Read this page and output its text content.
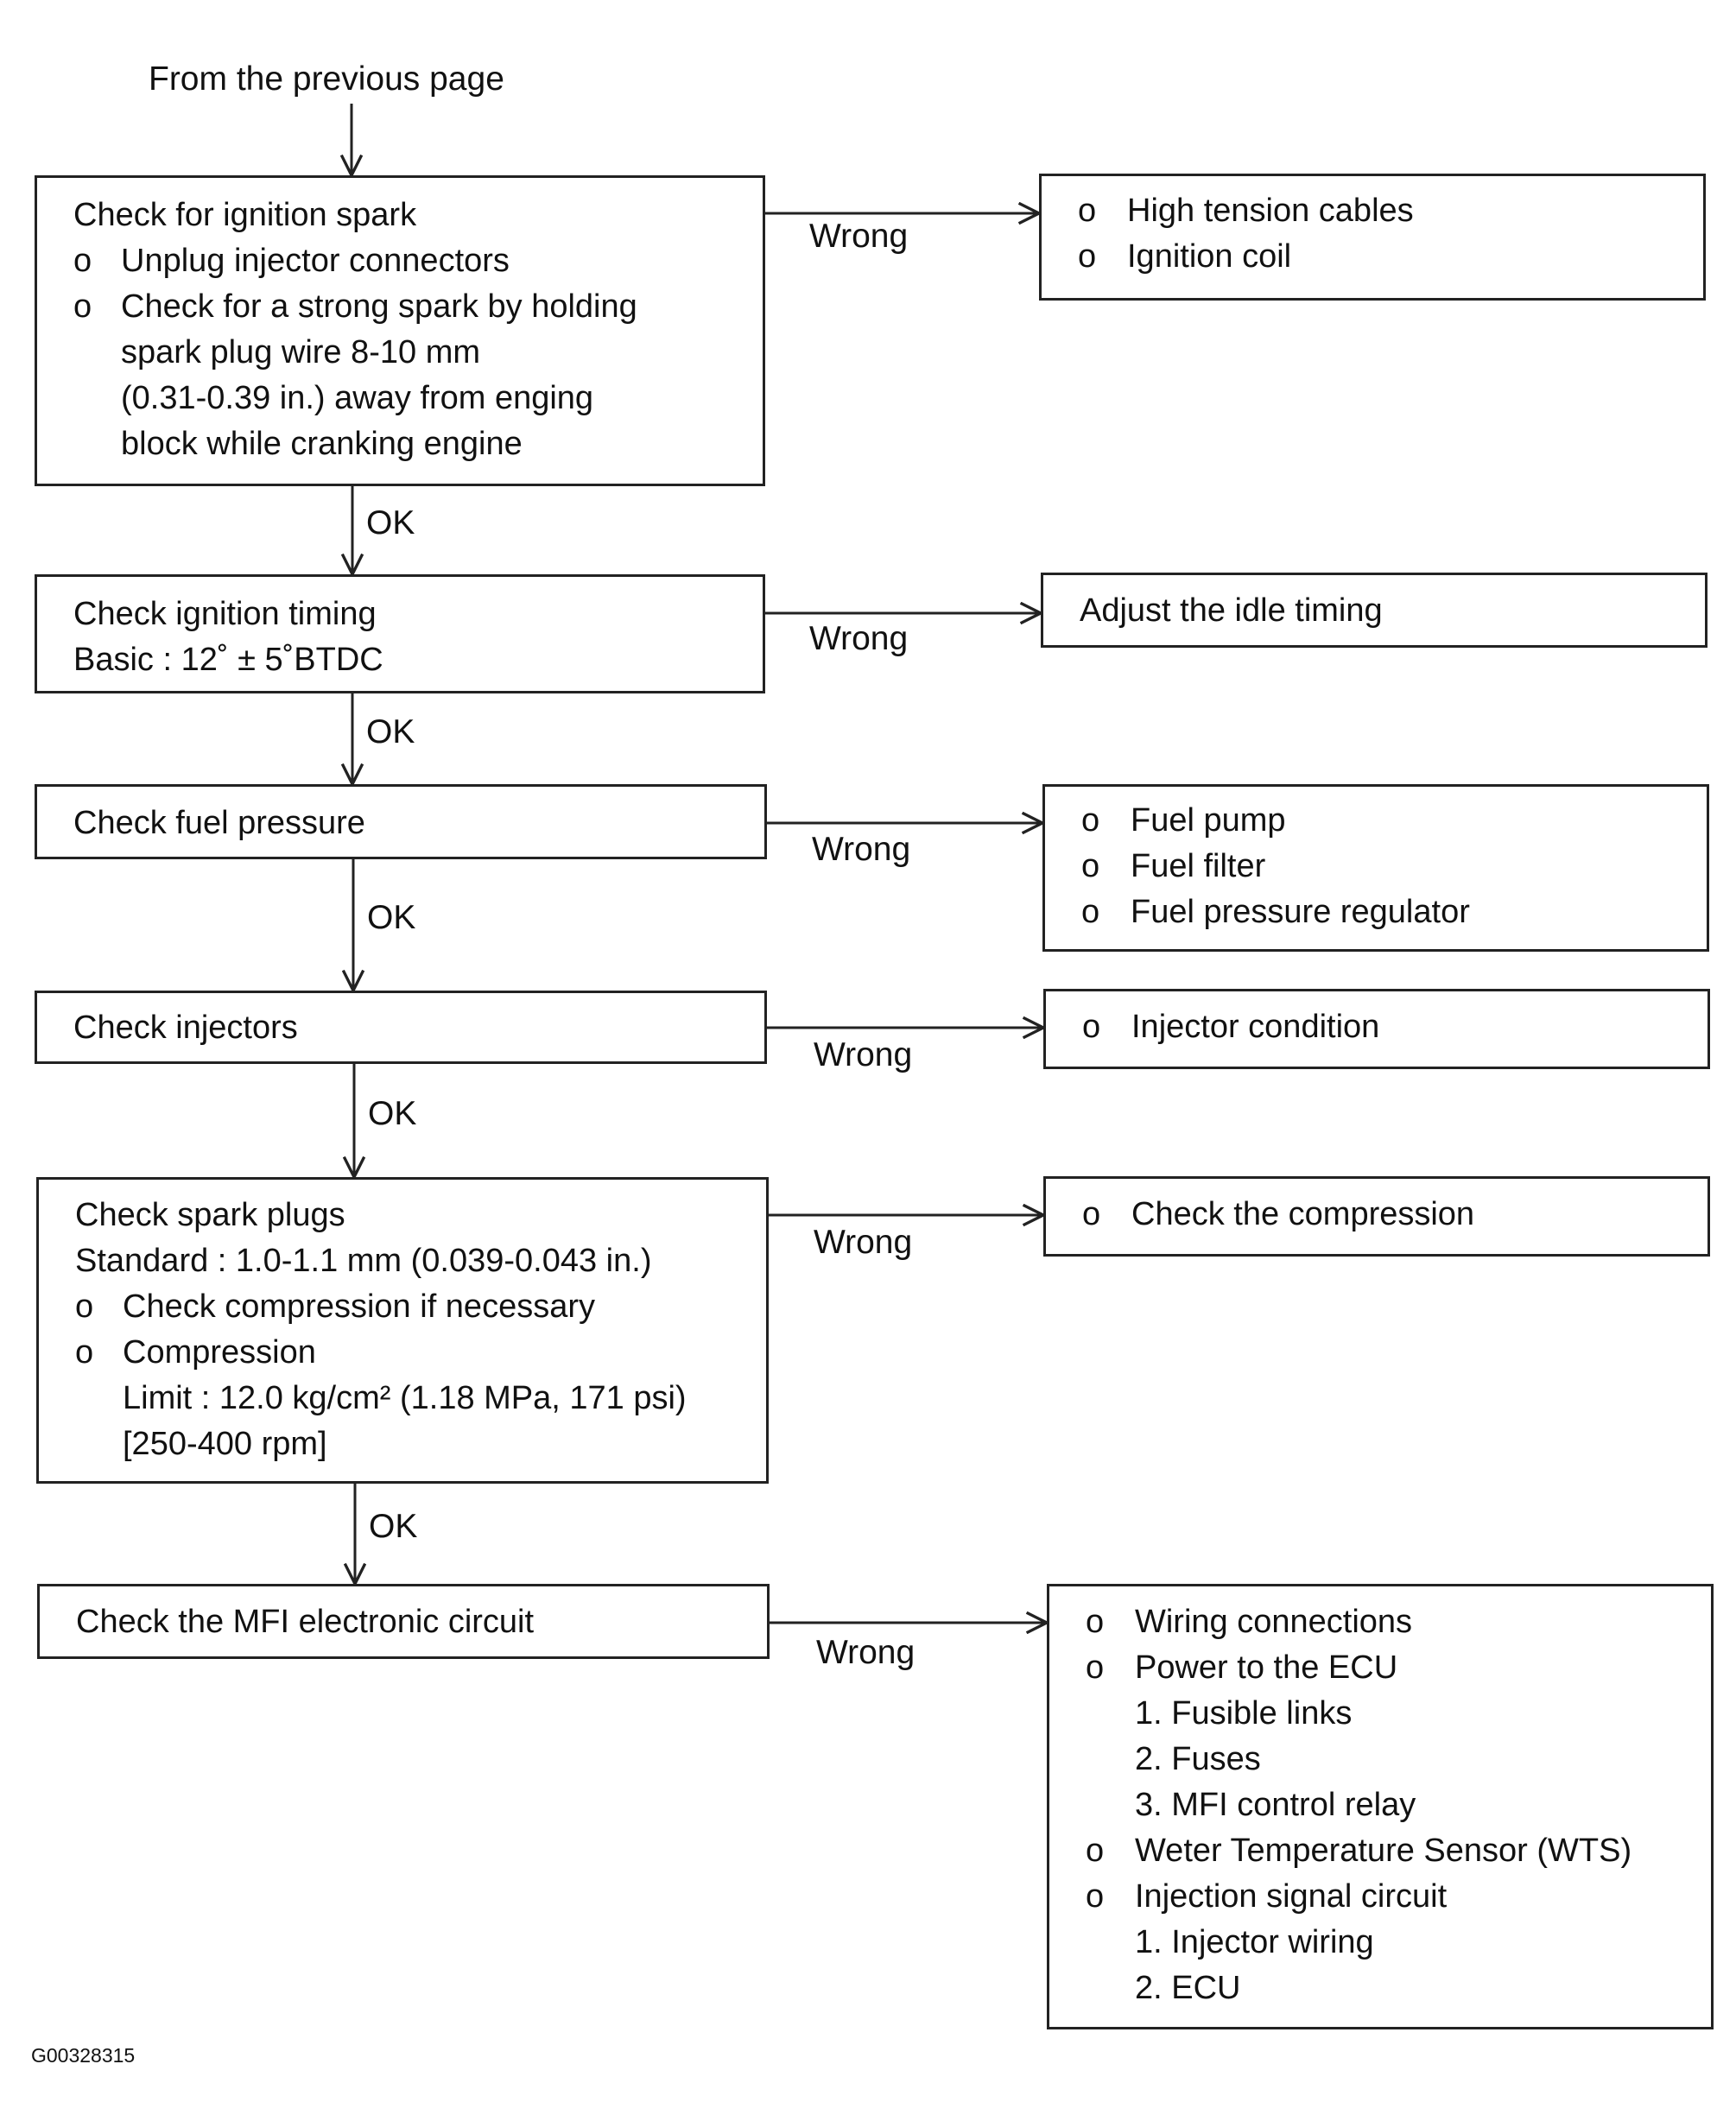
From the previous page
Check for ignition spark
o Unplug injector connectors
o Check for a strong spark by holding
spark plug wire 8-10 mm
(0.31-0.39 in.) away from enging
block while cranking engine
o High tension cables
o Ignition coil
Wrong
OK
Check ignition timing
Basic : 12˚ ± 5˚BTDC
Adjust the idle timing
Wrong
OK
Check fuel pressure	o Fuel pump
o Fuel filter
o Fuel pressure regulator
Wrong
OK
Check injectors	o Injector condition
Wrong
OK
Check spark plugs
Standard : 1.0-1.1 mm (0.039-0.043 in.)
o Check compression if necessary
o Compression
Limit : 12.0 kg/cm² (1.18 MPa, 171 psi)
[250-400 rpm]
o Check the compression
Wrong
OK
Check the MFI electronic circuit	o Wiring connections
o Power to the ECU
1. Fusible links
2. Fuses
3. MFI control relay
o Weter Temperature Sensor (WTS)
o Injection signal circuit
1. Injector wiring
2. ECU
Wrong
G00328315
